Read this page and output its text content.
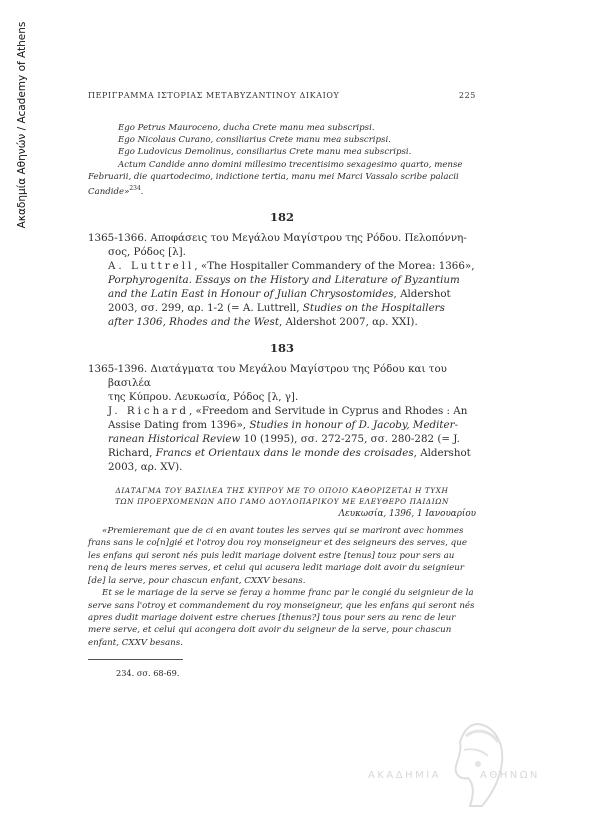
Ακαδημία Αθηνών / Academy of Athens	ΠΕΡΙΓΡΑΜΜΑ ΙΣΤΟΡΙΑΣ ΜΕΤΑΒΥΖΑΝΤΙΝΟΥ ΔΙΚΑΙΟΥ	225

Ego Petrus Mauroceno, ducha Crete manu mea subscripsi.

Ego Nicolaus Curano, consiliarius Crete manu mea subscripsi.

Ego Ludovicus Demolinus, consiliarius Crete manu mea subscripsi.

Actum Candide anno domini millesimo trecentisimo sexagesimo quarto, mense

Februarii, die quartodecimo, indictione tertia, manu mei Marci Vassalo scribe palacii

Candide»$^{234}$.

182

1365-1366. Αποφάσεις του Μεγάλου Μαγίστρου της Ρόδου. Πελοπόννη-
σος, Ρόδος [λ].

A. Luttrell, «The Hospitaller Commandery of the Morea: 1366»,
Porphyrogenita. Essays on the History and Literature of Byzantium
and the Latin East in Honour of Julian Chrysostomides, Aldershot
2003, σσ. 299, αρ. 1-2 (= A. Luttrell, Studies on the Hospitallers
after 1306, Rhodes and the West, Aldershot 2007, αρ. XXI).

183

1365-1396. Διατάγματα του Μεγάλου Μαγίστρου της Ρόδου και του βασιλέα
της Κύπρου. Λευκωσία, Ρόδος [λ, γ].

J. Richard, «Freedom and Servitude in Cyprus and Rhodes : An
Assise Dating from 1396», Studies in honour of D. Jacoby, Mediter-
ranean Historical Review 10 (1995), σσ. 272-275, σσ. 280-282 (= J.
Richard, Francs et Orientaux dans le monde des croisades, Aldershot
2003, αρ. XV).

ΔΙΑΤΑΓΜΑ ΤΟΥ ΒΑΣΙΛΕΑ ΤΗΣ ΚΥΠΡΟΥ ΜΕ ΤΟ ΟΠΟΙΟ ΚΑΘΟΡΙΖΕΤΑΙ Η ΤΥΧΗ
ΤΩΝ ΠΡΟΕΡΧΟΜΕΝΩΝ ΑΠΟ ΓΑΜΟ ΔΟΥΛΟΠΑΡΙΚΟΥ ΜΕ ΕΛΕΥΘΕΡΟ ΠΑΙΔΙΩΝ
Λευκωσία, 1396, 1 Ιανουαρίου

«Premieremant que de ci en avant toutes les serves qui se mariront avec hommes frans sans le co[n]gié et l'otroy dou roy monseigneur et des seigneurs des serves, que les enfans qui seront nés puis ledit mariage doivent estre [tenus] touz pour sers au renq de leurs meres serves, et celui qui acusera ledit mariage doit avoir du seignieur [de] la serve, pour chascun enfant, CXXV besans.

Et se le mariage de la serve se feray a homme franc par le congié du seignieur de la serve sans l'otroy et commandement du roy monseigneur, que les enfans qui seront nés apres dudit mariage doivent estre cherues [thenus?] tous pour sers au renc de leur mere serve, et celui qui acongera doit avoir du seigneur de la serve, pour chascun enfant, CXXV besans.

234. σσ. 68-69.
ΑΚΑΔΗΜΙΑ	ΑΘΗΝΩΝ
